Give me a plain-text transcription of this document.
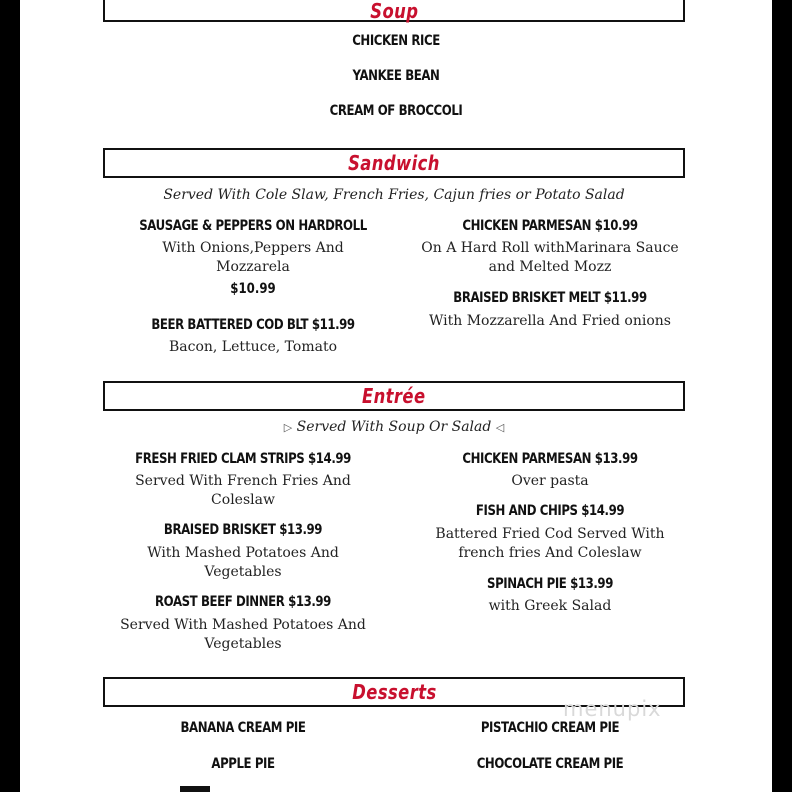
Soup
CHICKEN RICE
YANKEE BEAN
CREAM OF BROCCOLI
Sandwich
Served With Cole Slaw, French Fries, Cajun fries or Potato Salad
SAUSAGE & PEPPERS ON HARDROLL
With Onions,Peppers And
Mozzarela
$10.99
BEER BATTERED COD BLT $11.99
Bacon, Lettuce, Tomato
CHICKEN PARMESAN $10.99
On A Hard Roll withMarinara Sauce
and Melted Mozz
BRAISED BRISKET MELT $11.99
With Mozzarella And Fried onions
Entrée
▷ Served With Soup Or Salad ◁
FRESH FRIED CLAM STRIPS $14.99
Served With French Fries And
Coleslaw
BRAISED BRISKET $13.99
With Mashed Potatoes And
Vegetables
ROAST BEEF DINNER $13.99
Served With Mashed Potatoes And
Vegetables
CHICKEN PARMESAN $13.99
Over pasta
FISH AND CHIPS $14.99
Battered Fried Cod Served With
french fries And Coleslaw
SPINACH PIE $13.99
with Greek Salad
Desserts
BANANA CREAM PIE
APPLE PIE
PISTACHIO CREAM PIE
CHOCOLATE CREAM PIE
menupix
